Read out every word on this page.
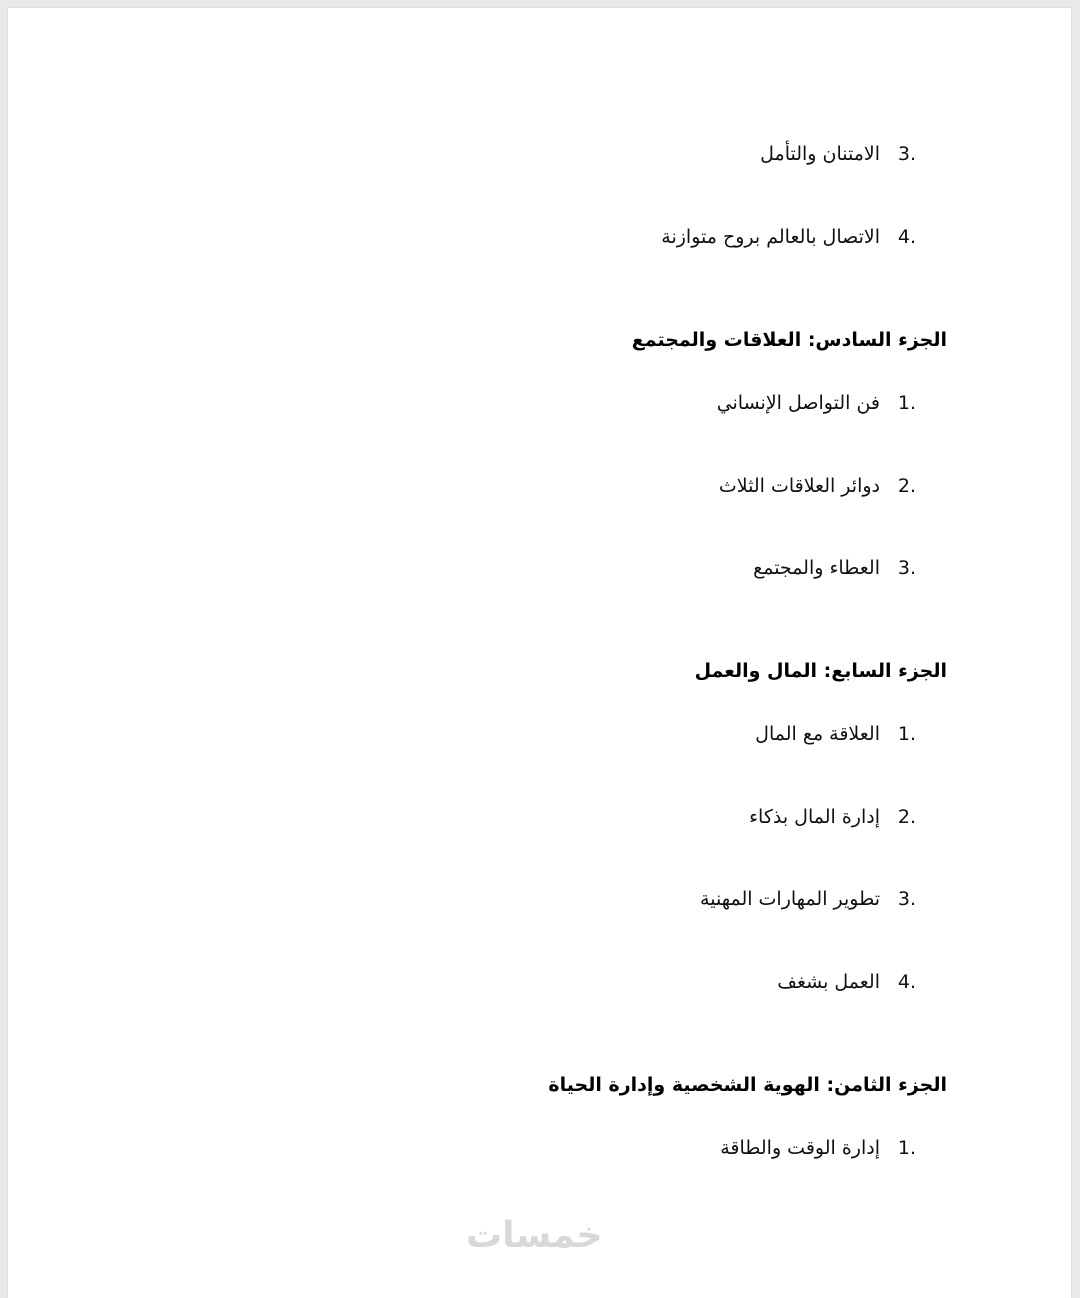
.3الامتنان والتأمل
.4الاتصال بالعالم بروح متوازنة
الجزء السادس: العلاقات والمجتمع
.1فن التواصل الإنساني
.2دوائر العلاقات الثلاث
.3العطاء والمجتمع
الجزء السابع: المال والعمل
.1العلاقة مع المال
.2إدارة المال بذكاء
.3تطوير المهارات المهنية
.4العمل بشغف
الجزء الثامن: الهوية الشخصية وإدارة الحياة
.1إدارة الوقت والطاقة
خمسات
